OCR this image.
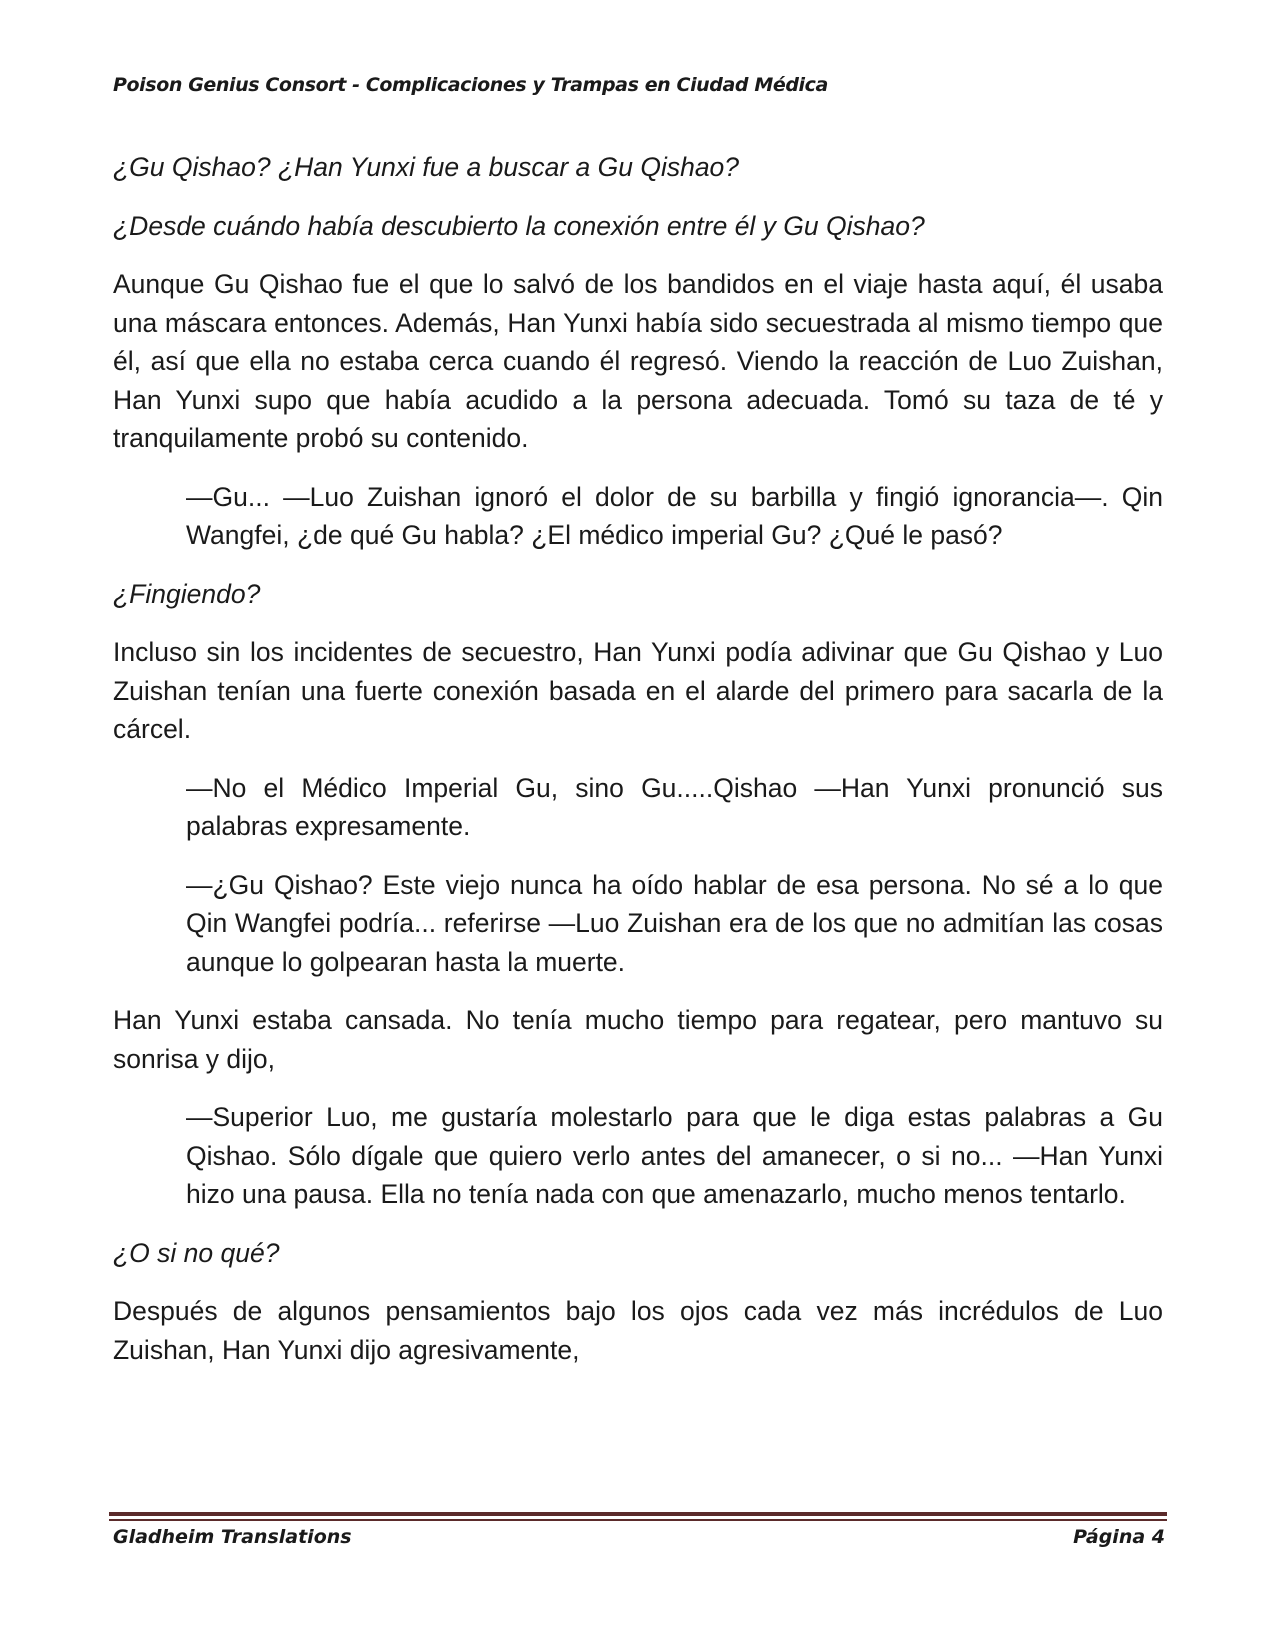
Poison Genius Consort - Complicaciones y Trampas en Ciudad Médica

¿Gu Qishao? ¿Han Yunxi fue a buscar a Gu Qishao?

¿Desde cuándo había descubierto la conexión entre él y Gu Qishao?

Aunque Gu Qishao fue el que lo salvó de los bandidos en el viaje hasta aquí, él usaba una máscara entonces. Además, Han Yunxi había sido secuestrada al mismo tiempo que él, así que ella no estaba cerca cuando él regresó. Viendo la reacción de Luo Zuishan, Han Yunxi supo que había acudido a la persona adecuada. Tomó su taza de té y tranquilamente probó su contenido.

—Gu... —Luo Zuishan ignoró el dolor de su barbilla y fingió ignorancia—. Qin Wangfei, ¿de qué Gu habla? ¿El médico imperial Gu? ¿Qué le pasó?

¿Fingiendo?

Incluso sin los incidentes de secuestro, Han Yunxi podía adivinar que Gu Qishao y Luo Zuishan tenían una fuerte conexión basada en el alarde del primero para sacarla de la cárcel.

—No el Médico Imperial Gu, sino Gu.....Qishao —Han Yunxi pronunció sus palabras expresamente.

—¿Gu Qishao? Este viejo nunca ha oído hablar de esa persona. No sé a lo que Qin Wangfei podría... referirse —Luo Zuishan era de los que no admitían las cosas aunque lo golpearan hasta la muerte.

Han Yunxi estaba cansada. No tenía mucho tiempo para regatear, pero mantuvo su sonrisa y dijo,

—Superior Luo, me gustaría molestarlo para que le diga estas palabras a Gu Qishao. Sólo dígale que quiero verlo antes del amanecer, o si no... —Han Yunxi hizo una pausa. Ella no tenía nada con que amenazarlo, mucho menos tentarlo.

¿O si no qué?

Después de algunos pensamientos bajo los ojos cada vez más incrédulos de Luo Zuishan, Han Yunxi dijo agresivamente,

Gladheim Translations	Página 4
